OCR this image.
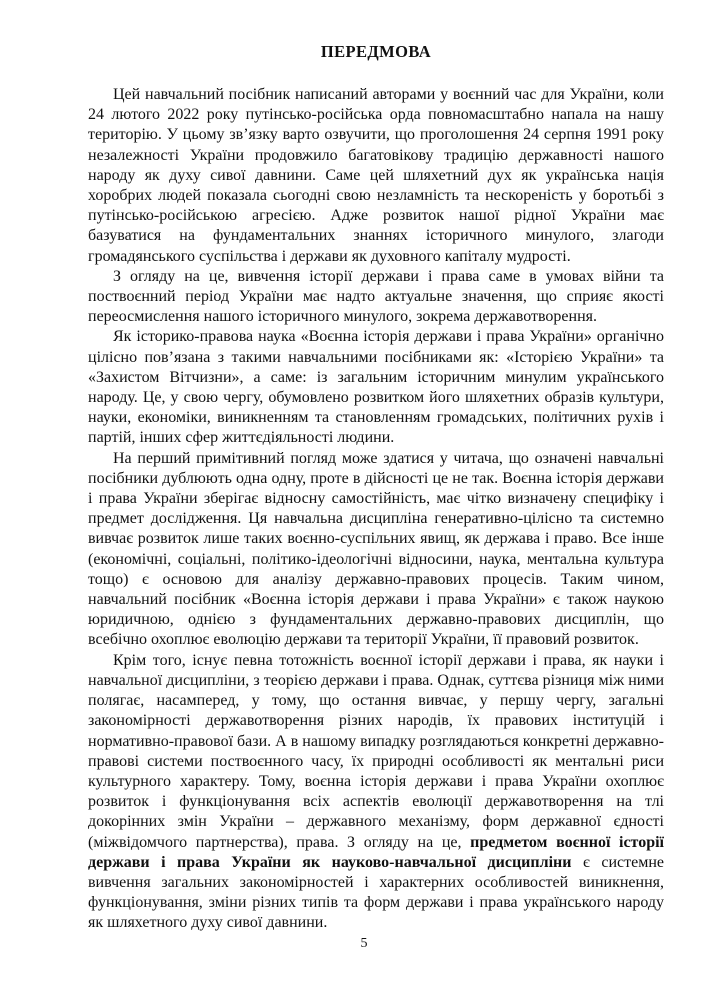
ПЕРЕДМОВА

Цей навчальний посібник написаний авторами у воєнний час для України, коли 24 лютого 2022 року путінсько-російська орда повномасштабно напала на нашу територію. У цьому зв’язку варто озвучити, що проголошення 24 серпня 1991 року незалежності України продовжило багатовікову традицію державності нашого народу як духу сивої давнини. Саме цей шляхетний дух як українська нація хоробрих людей показала сьогодні свою незламність та нескореність у боротьбі з путінсько-російською агресією. Адже розвиток нашої рідної України має базуватися на фундаментальних знаннях історичного минулого, злагоди громадянського суспільства і держави як духовного капіталу мудрості.

З огляду на це, вивчення історії держави і права саме в умовах війни та поствоєнний період України має надто актуальне значення, що сприяє якості переосмислення нашого історичного минулого, зокрема державотворення.

Як історико-правова наука «Воєнна історія держави і права України» органічно цілісно пов’язана з такими навчальними посібниками як: «Історією України» та «Захистом Вітчизни», а саме: із загальним історичним минулим українського народу. Це, у свою чергу, обумовлено розвитком його шляхетних образів культури, науки, економіки, виникненням та становленням громадських, політичних рухів і партій, інших сфер життєдіяльності людини.

На перший примітивний погляд може здатися у читача, що означені навчальні посібники дублюють одна одну, проте в дійсності це не так. Воєнна історія держави і права України зберігає відносну самостійність, має чітко визначену специфіку і предмет дослідження. Ця навчальна дисципліна генеративно-цілісно та системно вивчає розвиток лише таких воєнно-суспільних явищ, як держава і право. Все інше (економічні, соціальні, політико-ідеологічні відносини, наука, ментальна культура тощо) є основою для аналізу державно-правових процесів. Таким чином, навчальний посібник «Воєнна історія держави і права України» є також наукою юридичною, однією з фундаментальних державно-правових дисциплін, що всебічно охоплює еволюцію держави та території України, її правовий розвиток.

Крім того, існує певна тотожність воєнної історії держави і права, як науки і навчальної дисципліни, з теорією держави і права. Однак, суттєва різниця між ними полягає, насамперед, у тому, що остання вивчає, у першу чергу, загальні закономірності державотворення різних народів, їх правових інституцій і нормативно-правової бази. А в нашому випадку розглядаються конкретні державно-правові системи поствоєнного часу, їх природні особливості як ментальні риси культурного характеру. Тому, воєнна історія держави і права України охоплює розвиток і функціонування всіх аспектів еволюції державотворення на тлі докорінних змін України – державного механізму, форм державної єдності (міжвідомчого партнерства), права. З огляду на це, предметом воєнної історії держави і права України як науково-навчальної дисципліни є системне вивчення загальних закономірностей і характерних особливостей виникнення, функціонування, зміни різних типів та форм держави і права українського народу як шляхетного духу сивої давнини.

5
